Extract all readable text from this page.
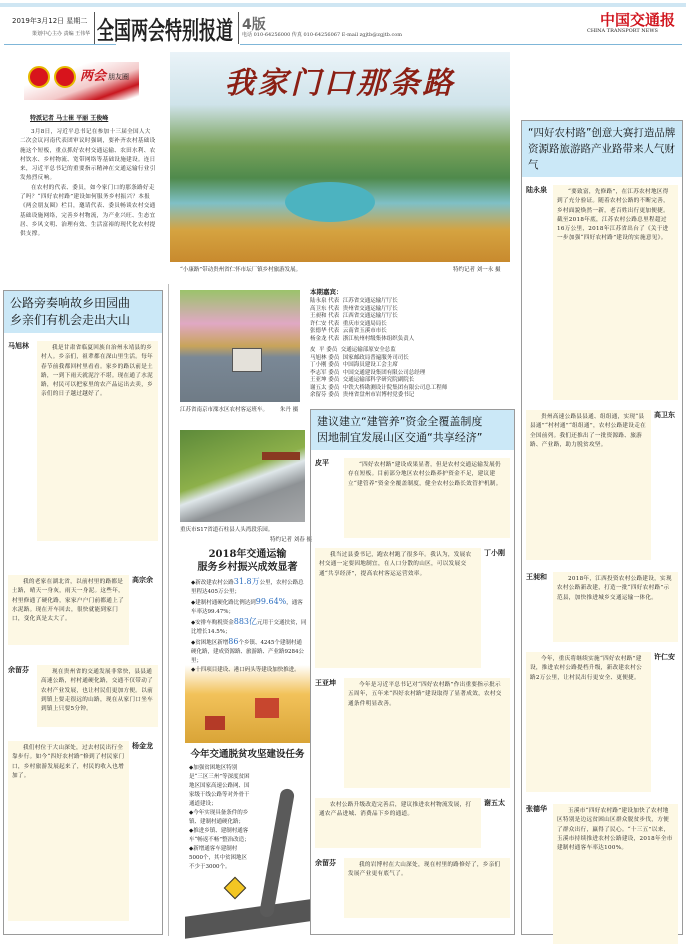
2019年3月12日 星期二
策划中心主办 责编 王伟华 全国两会特别报道 4版
电话 010-64256000 传真 010-64256067 E-mail zgjtb@zgjtb.com
中国交通报
CHINA TRANSPORT NEWS
两会 朋友圈
特派记者 马士崔 平丽 王俊峰

3月8日，习近平总书记在参加十三届全国人大二次会议河南代表团审议时强调，要补齐农村基础设施这个短板，重点抓好农村交通运输、农田水利、农村饮水、乡村物流、宽带网络等基础设施建设。连日来，习近平总书记的重要指示精神在交通运输行业引发热烈反响。

在农村的代表、委员，如今家门口的那条路好走了吗？“四好农村路”建设如何服务乡村振兴？本报《两会朋友圈》栏目，邀请代表、委员畅谈农村交通基础设施网络，完善乡村物流，为产业兴旺、生态宜居、乡风文明、治理有效、生活富裕的现代化农村提供支撑。

公路旁奏响故乡田园曲
乡亲们有机会走出大山
马旭林	我是甘肃省临夏回族自治州永靖县的乡村人。乡亲们，祖辈都在深山里生活。每年春节前我都回村里看看。家乡的路以前是土路，一到下雨天就泥泞不堪。现在通了水泥路，村民可以把家里的农产品运出去卖，乡亲们的日子越过越好了。

我的老家在湖北省，以前村里的路都是土路，晴天一身灰，雨天一身泥。这些年，村里修通了硬化路，家家户户门前都通上了水泥路。现在开车回去，很快就能到家门口，变化真是太大了。

高宗余
余留芬	现在贵州省的交通发展非常快，县县通高速公路，村村通硬化路，交通不仅带动了农村产业发展，也让村民们更加方便。以前到镇上要走很远的山路，现在从家门口坐车到镇上只要5分钟。

我们村位于大山深处，过去村民出行全靠步行。如今“四好农村路”修到了村民家门口，乡村旅游发展起来了，村民的收入也增加了。

杨金龙
我家门口那条路
“小康路”带动贵州省仁怀市坛厂镇乡村旅游发展。	特约记者 刘一永 摄
江苏省南京市溧水区农村客运班车。 朱丹 摄
重庆市S17省道石柱县人头湾段乐园。
特约记者 刘春 摄
2018年交通运输
服务乡村振兴成效显著
◆新改建农村公路31.8万公里，农村公路总里程达405万公里；
◆建制村通硬化路比例达到99.64%，通客车率达99.47%；
◆安排车购税资金883亿元用于交通扶贫，同比增长14.5%；
◆贫困地区新增86个乡镇、4245个建制村通硬化路，建成资源路、旅游路、产业路9284公里；
◆十四项目建设、港口码头等建设加快推进。
今年交通脱贫攻坚建设任务
◆加强贫困地区特别是“三区三州”等深度贫困地区国家高速公路网、国家级干线公路等对外骨干通道建设；
◆今年实现具备条件的乡镇、建制村通硬化路；
◆推进乡镇、建制村通客车“畅返不畅”整治改造；
◆新增通客车建制村5000个，其中贫困地区不少于3000个。
本期嘉宾：
陆永泉 代表  江苏省交通运输厅厅长
高卫东 代表  贵州省交通运输厅厅长
王昶和 代表  江西省交通运输厅厅长
许仁安 代表  重庆市交通局局长
张德华 代表  云南省玉溪市市长
杨金龙 代表  浙江杭州村级集体组织负责人
皮  平 委员  交通运输部原安全总监
马旭林 委员  国家邮政局普遍服务司司长
丁小刚 委员  中国海员建设工会主席
李志军 委员  中国交通建设集团有限公司总经理
王亚坤 委员  交通运输部科学研究院副院长
谢五太 委员  中铁大桥勘测设计院集团有限公司总工程师
余留芬 委员  贵州省盘州市岩博村党委书记
建议建立“建管养”资金全覆盖制度
因地制宜发展山区交通“共享经济”
皮平	“四好农村路”建设成果显著，但是农村交通运输发展仍存在短板。目前部分地区农村公路养护资金不足，建议建立“建管养”资金全覆盖制度，健全农村公路长效管护机制。

我当过县委书记，跑农村跑了很多年。我认为，发展农村交通一定要因地制宜，在人口分散的山区，可以发展交通“共享经济”，提高农村客运运营效率。

丁小刚
王亚坤	今年是习近平总书记对“四好农村路”作出重要指示批示五周年，五年来“四好农村路”建设取得了显著成效，农村交通条件明显改善。

农村公路升级改造完善后，建议推进农村物流发展，打通农产品进城、消费品下乡的通道。

谢五太
余留芬	我的岩博村在大山深处，现在村里的路修好了，乡亲们发展产业更有底气了。

“四好农村路”创意大赛打造品牌
资源路旅游路产业路带来人气财气
陆永泉	“要致富，先修路”，在江苏农村地区得到了充分验证。随着农村公路的不断完善，乡村面貌焕然一新，老百姓出行更加便捷。截至2018年底，江苏农村公路总里程超过16万公里，2018年江苏省出台了《关于进一步加强“四好农村路”建设的实施意见》。

贵州高速公路县县通、组组通，实现“县县通”“村村通”“组组通”，农村公路建设走在全国前列。我们还推出了一批资源路、旅游路、产业路，助力脱贫攻坚。

高卫东
王昶和	2018年，江西投资农村公路建设，实现农村公路新改建，打造一批“四好农村路”示范县，加快推进城乡交通运输一体化。

今年，重庆将继续实施“四好农村路”建设，推进农村公路提档升级，新改建农村公路2万公里，让村民出行更安全、更便捷。

许仁安
张德华	玉溪市“四好农村路”建设加快了农村地区特别是边远贫困山区群众脱贫步伐，方便了群众出行，赢得了民心。“十三五”以来，玉溪市持续推进农村公路建设，2018年全市建制村通客车率达100%。
